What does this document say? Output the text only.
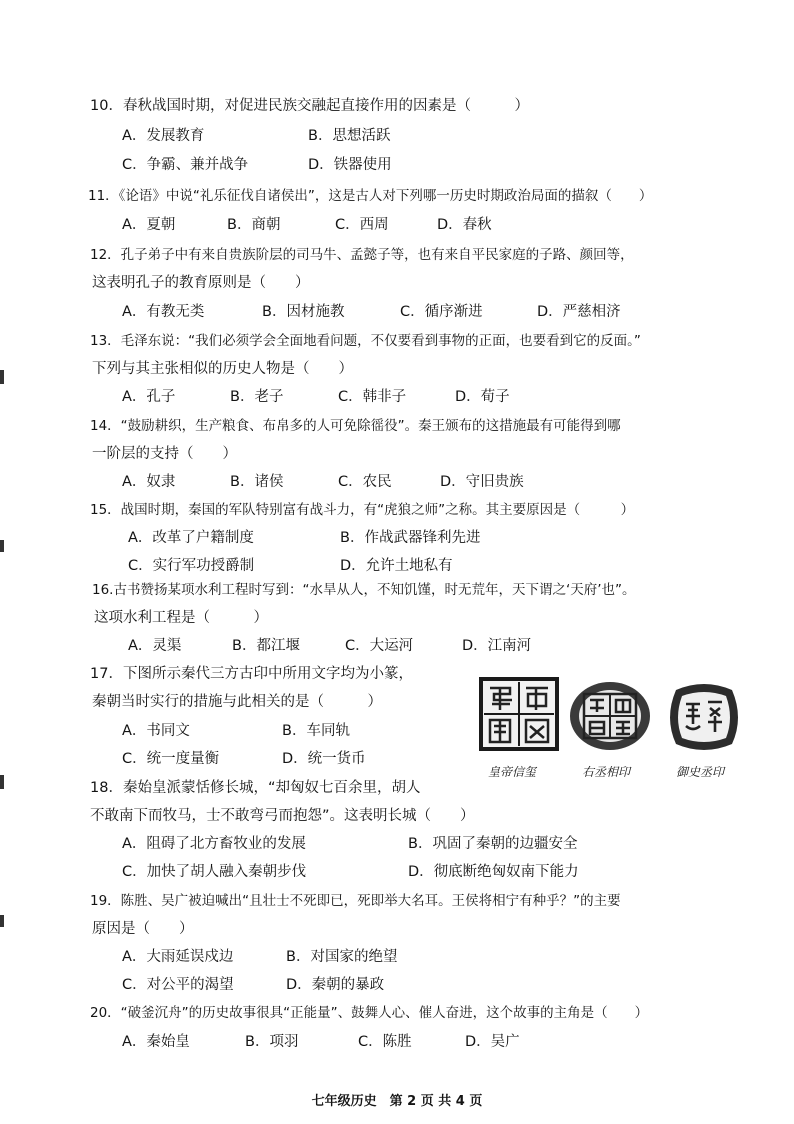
10．春秋战国时期，对促进民族交融起直接作用的因素是（　　　）
A．发展教育	B．思想活跃
C．争霸、兼并战争	D．铁器使用
11．《论语》中说“礼乐征伐自诸侯出”，这是古人对下列哪一历史时期政治局面的描叙（　　）
A．夏朝	B．商朝	C．西周	D．春秋
12．孔子弟子中有来自贵族阶层的司马牛、孟懿子等，也有来自平民家庭的子路、颜回等，
这表明孔子的教育原则是（　　）
A．有教无类	B．因材施教	C．循序渐进	D．严慈相济
13．毛泽东说：“我们必须学会全面地看问题，不仅要看到事物的正面，也要看到它的反面。”
下列与其主张相似的历史人物是（　　）
A．孔子	B．老子	C．韩非子	D．荀子
14．“鼓励耕织，生产粮食、布帛多的人可免除徭役”。秦王颁布的这措施最有可能得到哪
一阶层的支持（　　）
A．奴隶	B．诸侯	C．农民	D．守旧贵族
15．战国时期，秦国的军队特别富有战斗力，有“虎狼之师”之称。其主要原因是（　　　）
A．改革了户籍制度	B．作战武器锋利先进
C．实行军功授爵制	D．允许土地私有
16.古书赞扬某项水利工程时写到：“水旱从人，不知饥馑，时无荒年，天下谓之‘天府’也”。
这项水利工程是（　　　）
A．灵渠	B．都江堰	C．大运河	D．江南河
17．下图所示秦代三方古印中所用文字均为小篆，
秦朝当时实行的措施与此相关的是（　　　）
A．书同文	B．车同轨
C．统一度量衡	D．统一货币
皇帝信玺	右丞相印	御史丞印
18．秦始皇派蒙恬修长城，“却匈奴七百余里，胡人
不敢南下而牧马，士不敢弯弓而抱怨”。这表明长城（　　）
A．阻碍了北方畜牧业的发展	B．巩固了秦朝的边疆安全
C．加快了胡人融入秦朝步伐	D．彻底断绝匈奴南下能力
19．陈胜、吴广被迫喊出“且壮士不死即已，死即举大名耳。王侯将相宁有种乎？”的主要
原因是（　　）
A．大雨延误戍边	B．对国家的绝望
C．对公平的渴望	D．秦朝的暴政
20．“破釜沉舟”的历史故事很具“正能量”、鼓舞人心、催人奋进，这个故事的主角是（　　）
A．秦始皇	B．项羽	C．陈胜	D．吴广
七年级历史　第 2 页 共 4 页
